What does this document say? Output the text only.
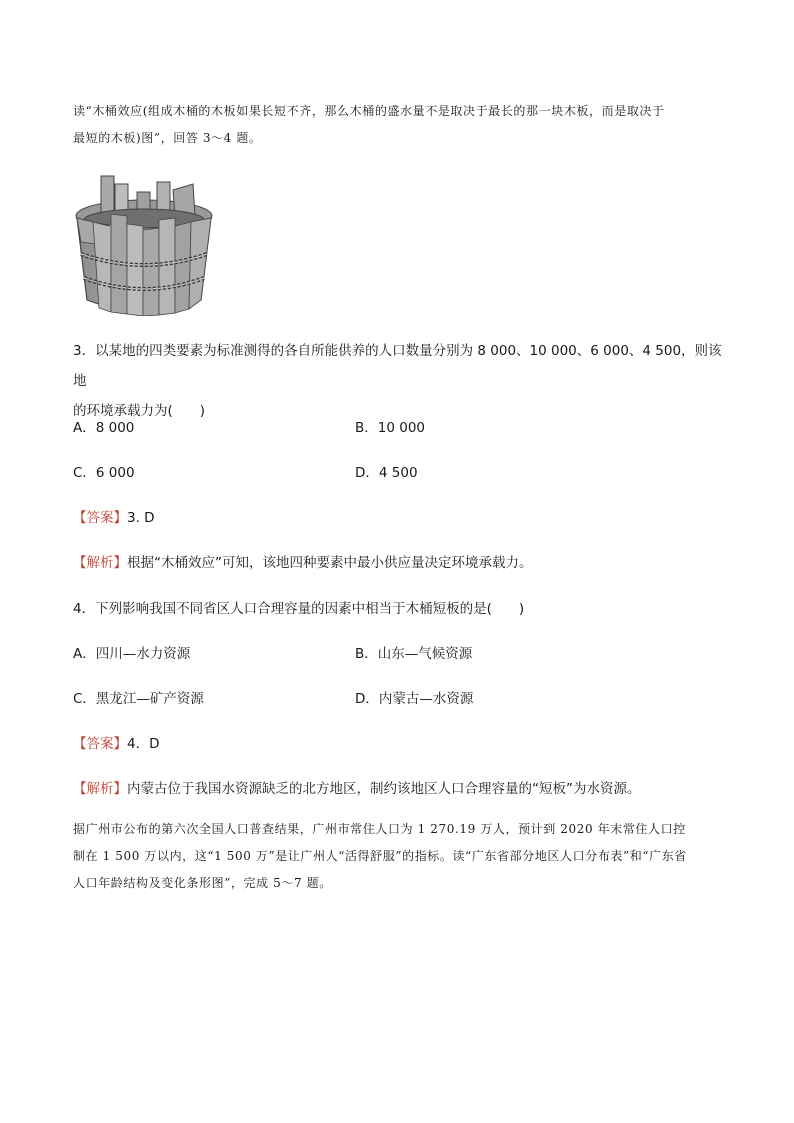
读“木桶效应(组成木桶的木板如果长短不齐，那么木桶的盛水量不是取决于最长的那一块木板，而是取决于
最短的木板)图”，回答 3～4 题。
3．以某地的四类要素为标准测得的各自所能供养的人口数量分别为 8 000、10 000、6 000、4 500，则该地
的环境承载力为(　　)
A．8 000	B．10 000
C．6 000	D．4 500
【答案】3. D
【解析】根据“木桶效应”可知，该地四种要素中最小供应量决定环境承载力。
4．下列影响我国不同省区人口合理容量的因素中相当于木桶短板的是(　　)
A．四川—水力资源	B．山东—气候资源
C．黑龙江—矿产资源	D．内蒙古—水资源
【答案】4．D
【解析】内蒙古位于我国水资源缺乏的北方地区，制约该地区人口合理容量的“短板”为水资源。
据广州市公布的第六次全国人口普查结果，广州市常住人口为 1 270.19 万人，预计到 2020 年末常住人口控
制在 1 500 万以内，这“1 500 万”是让广州人“活得舒服”的指标。读“广东省部分地区人口分布表”和“广东省
人口年龄结构及变化条形图”，完成 5～7 题。
